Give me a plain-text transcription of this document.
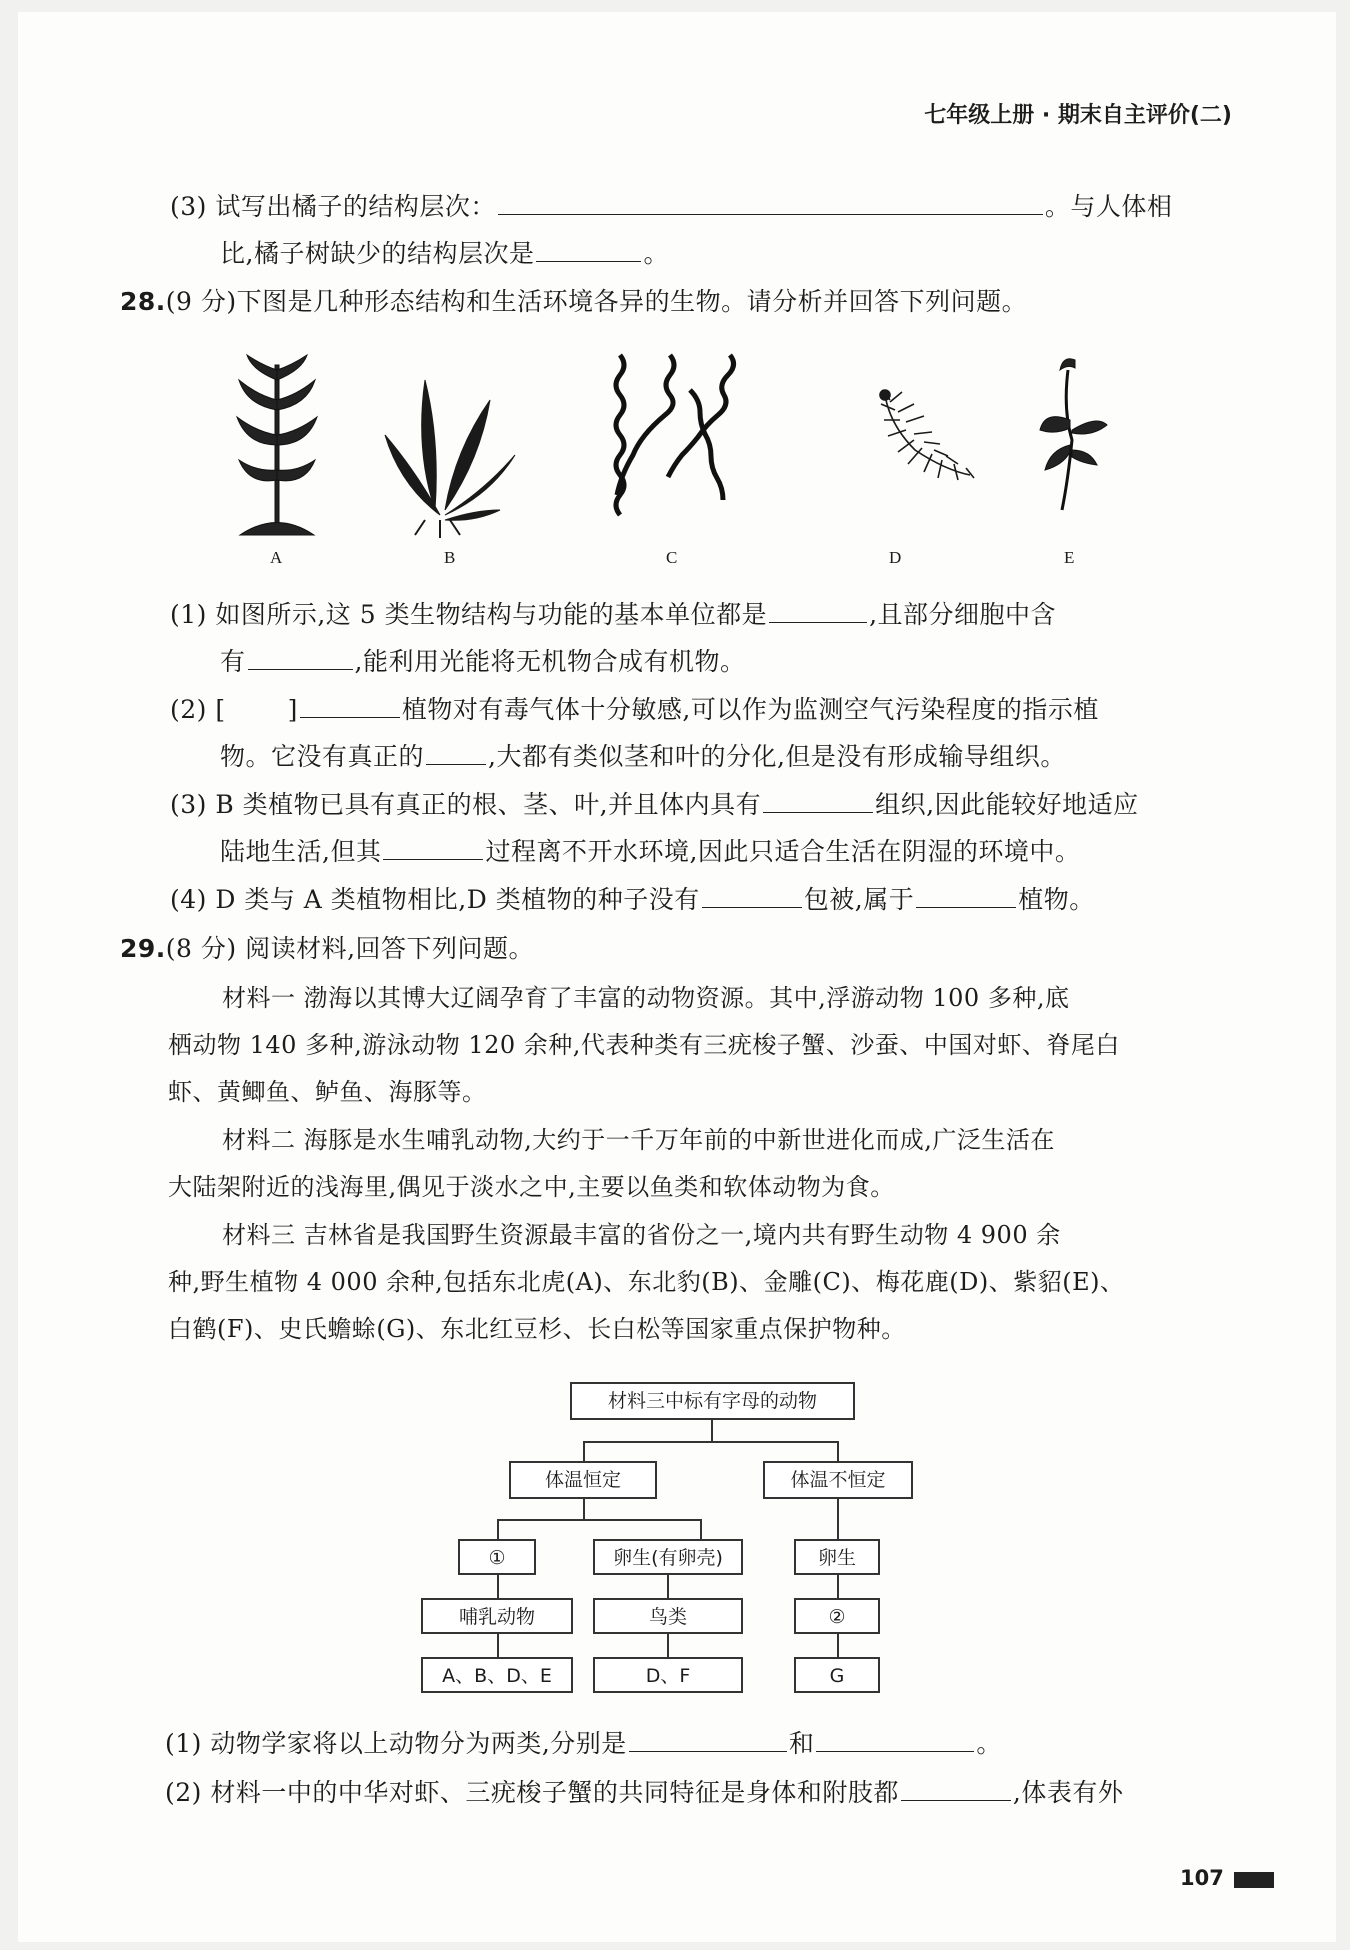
七年级上册 · 期末自主评价(二)
(3) 试写出橘子的结构层次：	。与人体相
比,橘子树缺少的结构层次是	。
28.(9 分)下图是几种形态结构和生活环境各异的生物。请分析并回答下列问题。
A	B	C	D	E
(1) 如图所示,这 5 类生物结构与功能的基本单位都是	,且部分细胞中含
有	,能利用光能将无机物合成有机物。
(2) [ ]	植物对有毒气体十分敏感,可以作为监测空气污染程度的指示植
物。它没有真正的	,大都有类似茎和叶的分化,但是没有形成输导组织。
(3) B 类植物已具有真正的根、茎、叶,并且体内具有	组织,因此能较好地适应
陆地生活,但其	过程离不开水环境,因此只适合生活在阴湿的环境中。
(4) D 类与 A 类植物相比,D 类植物的种子没有	包被,属于	植物。
29.(8 分) 阅读材料,回答下列问题。
材料一 渤海以其博大辽阔孕育了丰富的动物资源。其中,浮游动物 100 多种,底
栖动物 140 多种,游泳动物 120 余种,代表种类有三疣梭子蟹、沙蚕、中国对虾、脊尾白
虾、黄鲫鱼、鲈鱼、海豚等。
材料二 海豚是水生哺乳动物,大约于一千万年前的中新世进化而成,广泛生活在
大陆架附近的浅海里,偶见于淡水之中,主要以鱼类和软体动物为食。
材料三 吉林省是我国野生资源最丰富的省份之一,境内共有野生动物 4 900 余
种,野生植物 4 000 余种,包括东北虎(A)、东北豹(B)、金雕(C)、梅花鹿(D)、紫貂(E)、
白鹤(F)、史氏蟾蜍(G)、东北红豆杉、长白松等国家重点保护物种。
材料三中标有字母的动物
体温恒定	体温不恒定
①	卵生(有卵壳)	卵生
哺乳动物	鸟类	②
A、B、D、E	D、F	G
(1) 动物学家将以上动物分为两类,分别是	和	。
(2) 材料一中的中华对虾、三疣梭子蟹的共同特征是身体和附肢都	,体表有外
107
